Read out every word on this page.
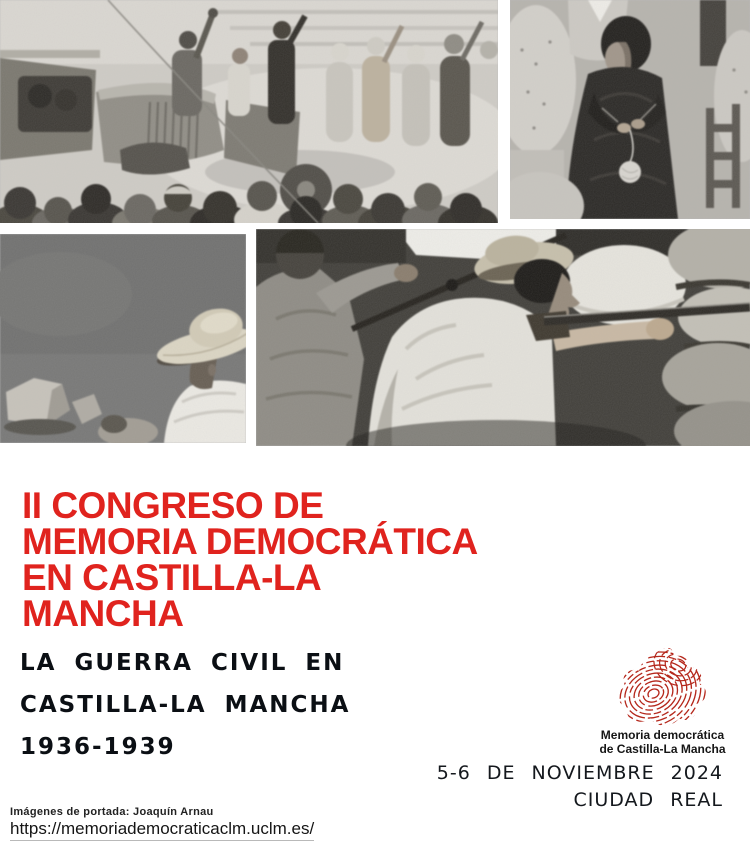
II CONGRESO DE
MEMORIA DEMOCRÁTICA
EN CASTILLA-LA
MANCHA
LA GUERRA CIVIL EN
CASTILLA-LA MANCHA
1936-1939	Memoria democrática
de Castilla-La Mancha
5-6 DE NOVIEMBRE 2024
CIUDAD REAL
Imágenes de portada: Joaquín Arnau
https://memoriademocraticaclm.uclm.es/
